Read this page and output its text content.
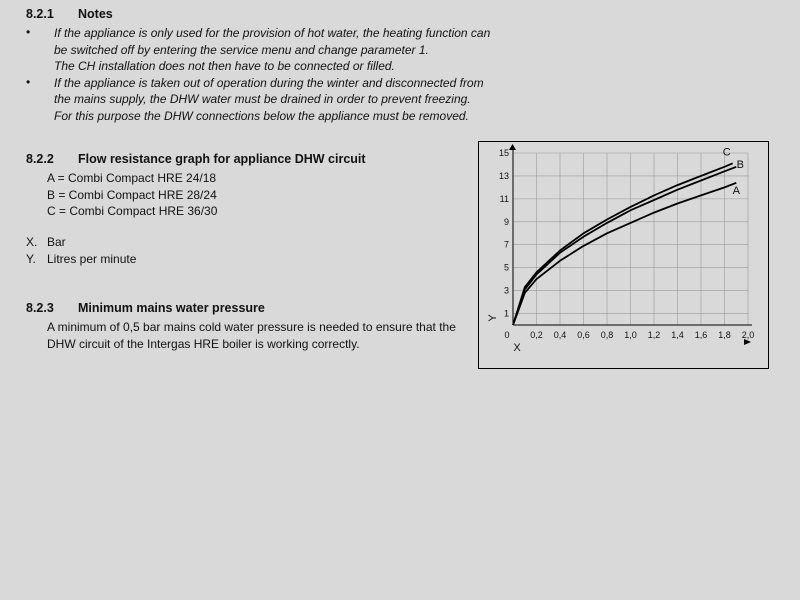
8.2.1 Notes
• If the appliance is only used for the provision of hot water, the heating function can
be switched off by entering the service menu and change parameter 1.
The CH installation does not then have to be connected or filled.
• If the appliance is taken out of operation during the winter and disconnected from
the mains supply, the DHW water must be drained in order to prevent freezing.
For this purpose the DHW connections below the appliance must be removed.
8.2.2 Flow resistance graph for appliance DHW circuit
A = Combi Compact HRE 24/18
B = Combi Compact HRE 28/24
C = Combi Compact HRE 36/30
X. Bar
Y. Litres per minute
8.2.3 Minimum mains water pressure
A minimum of 0,5 bar mains cold water pressure is needed to ensure that the
DHW circuit of the Intergas HRE boiler is working correctly.
0 0,2 0,4 0,6 0,8 1,0 1,2 1,4 1,6 1,8 2,0
1
3
5
7
9
11
13
15
X
Y
A
B
C
